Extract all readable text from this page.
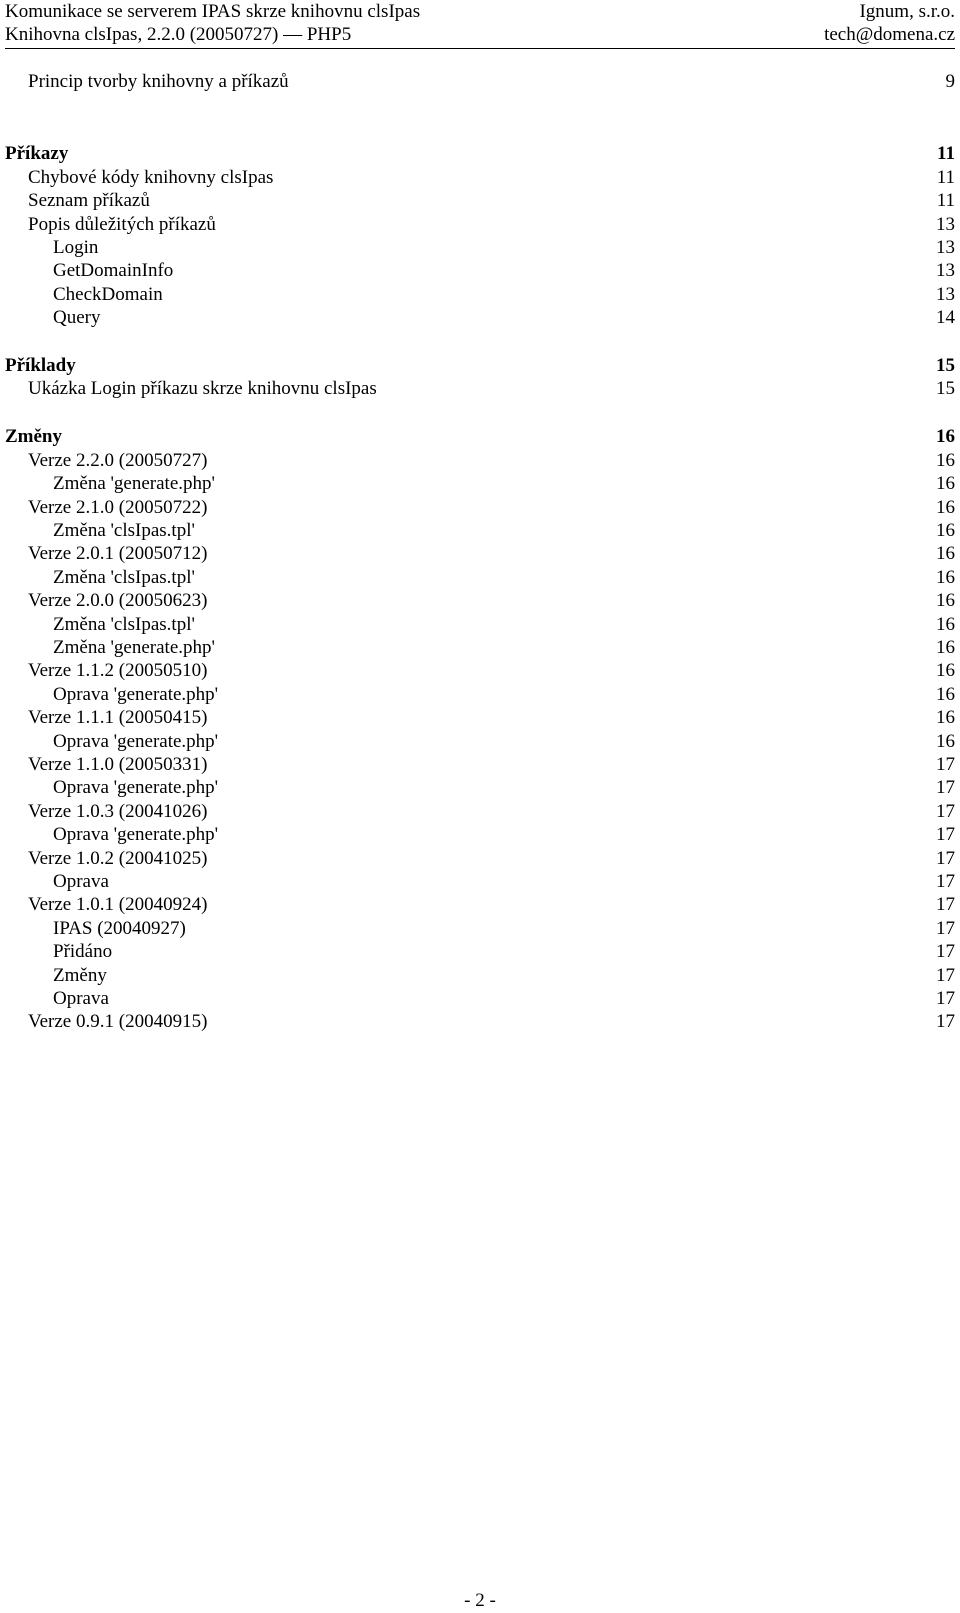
Komunikace se serverem IPAS skrze knihovnu clsIpas	Ignum, s.r.o.
Knihovna clsIpas, 2.2.0 (20050727) — PHP5	tech@domena.cz
Princip tvorby knihovny a příkazů	9
Příkazy	11
Chybové kódy knihovny clsIpas	11
Seznam příkazů	11
Popis důležitých příkazů	13
Login	13
GetDomainInfo	13
CheckDomain	13
Query	14
Příklady	15
Ukázka Login příkazu skrze knihovnu clsIpas	15
Změny	16
Verze 2.2.0 (20050727)	16
Změna 'generate.php'	16
Verze 2.1.0 (20050722)	16
Změna 'clsIpas.tpl'	16
Verze 2.0.1 (20050712)	16
Změna 'clsIpas.tpl'	16
Verze 2.0.0 (20050623)	16
Změna 'clsIpas.tpl'	16
Změna 'generate.php'	16
Verze 1.1.2 (20050510)	16
Oprava 'generate.php'	16
Verze 1.1.1 (20050415)	16
Oprava 'generate.php'	16
Verze 1.1.0 (20050331)	17
Oprava 'generate.php'	17
Verze 1.0.3 (20041026)	17
Oprava 'generate.php'	17
Verze 1.0.2 (20041025)	17
Oprava	17
Verze 1.0.1 (20040924)	17
IPAS (20040927)	17
Přidáno	17
Změny	17
Oprava	17
Verze 0.9.1 (20040915)	17
- 2 -
